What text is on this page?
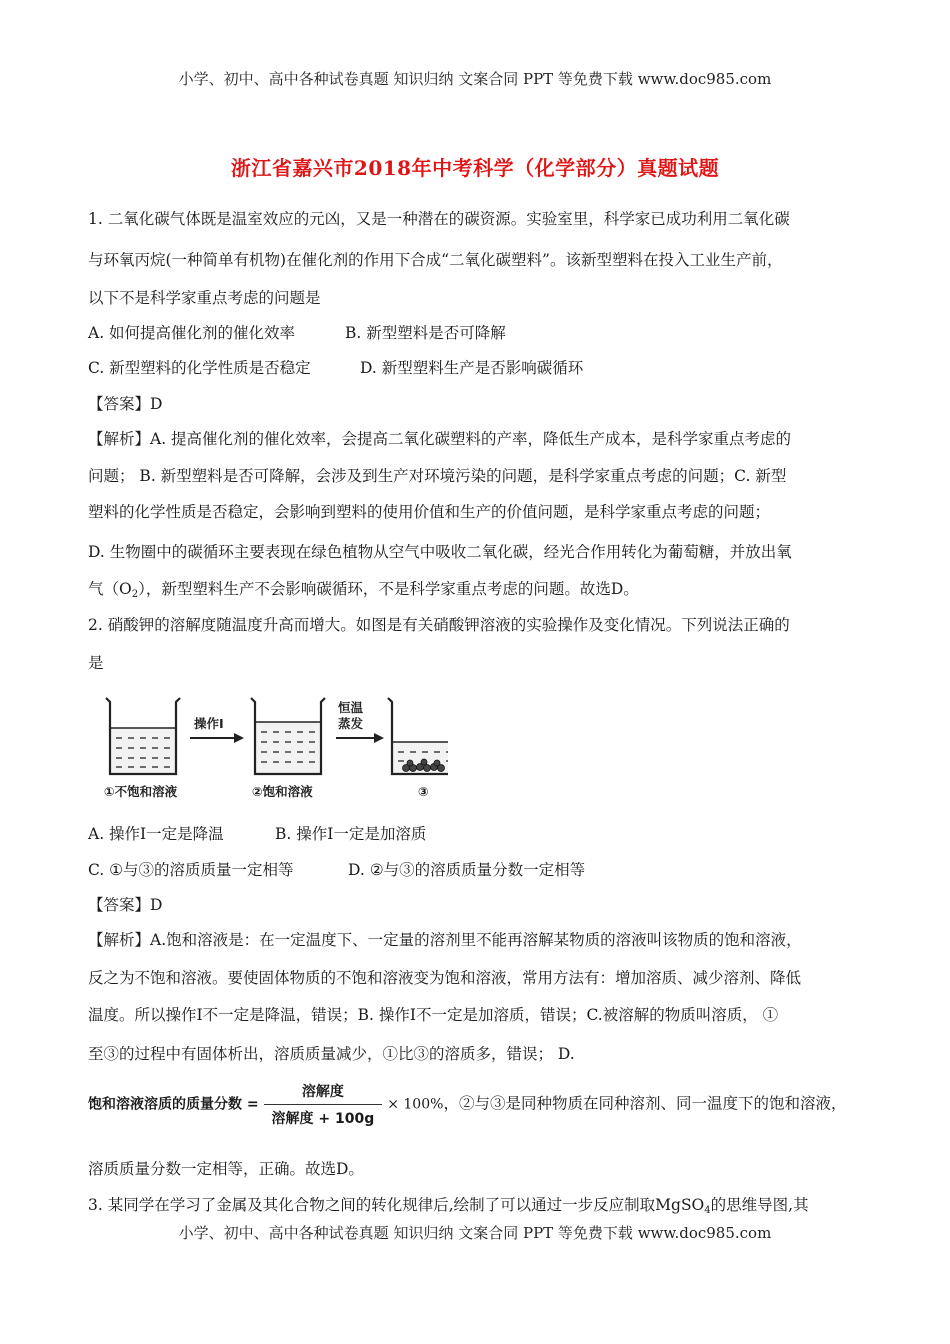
小学、初中、高中各种试卷真题 知识归纳 文案合同 PPT 等免费下载 www.doc985.com
浙江省嘉兴市2018年中考科学（化学部分）真题试题
1. 二氧化碳气体既是温室效应的元凶，又是一种潜在的碳资源。实验室里，科学家已成功利用二氧化碳
与环氧丙烷(一种简单有机物)在催化剂的作用下合成“二氧化碳塑料”。该新型塑料在投入工业生产前，
以下不是科学家重点考虑的问题是
A. 如何提高催化剂的催化效率	B. 新型塑料是否可降解
C. 新型塑料的化学性质是否稳定	D. 新型塑料生产是否影响碳循环
【答案】D
【解析】A. 提高催化剂的催化效率，会提高二氧化碳塑料的产率，降低生产成本，是科学家重点考虑的
问题； B. 新型塑料是否可降解，会涉及到生产对环境污染的问题，是科学家重点考虑的问题；C. 新型
塑料的化学性质是否稳定，会影响到塑料的使用价值和生产的价值问题，是科学家重点考虑的问题；
D. 生物圈中的碳循环主要表现在绿色植物从空气中吸收二氧化碳，经光合作用转化为葡萄糖，并放出氧
气$(O_2)$，新型塑料生产不会影响碳循环，不是科学家重点考虑的问题。故选D。
2. 硝酸钾的溶解度随温度升高而增大。如图是有关硝酸钾溶液的实验操作及变化情况。下列说法正确的
是
①不饱和溶液
操作Ⅰ
②饱和溶液
恒温
蒸发
③
A. 操作Ⅰ一定是降温	B. 操作Ⅰ一定是加溶质
C. ①与③的溶质质量一定相等	D. ②与③的溶质质量分数一定相等
【答案】D
【解析】A.饱和溶液是：在一定温度下、一定量的溶剂里不能再溶解某物质的溶液叫该物质的饱和溶液，
反之为不饱和溶液。要使固体物质的不饱和溶液变为饱和溶液，常用方法有：增加溶质、减少溶剂、降低
温度。所以操作Ⅰ不一定是降温，错误；B. 操作Ⅰ不一定是加溶质，错误；C.被溶解的物质叫溶质， ①
至③的过程中有固体析出，溶质质量减少，①比③的溶质多，错误； D.
饱和溶液溶质的质量分数 = $\frac{\text{溶解度}}{\text{溶解度 + 100g}} \times 100\%$，②与③是同种物质在同种溶剂、同一温度下的饱和溶液，
溶质质量分数一定相等，正确。故选D。
3. 某同学在学习了金属及其化合物之间的转化规律后,绘制了可以通过一步反应制取MgSO$_4$的思维导图,其
小学、初中、高中各种试卷真题 知识归纳 文案合同 PPT 等免费下载 www.doc985.com
